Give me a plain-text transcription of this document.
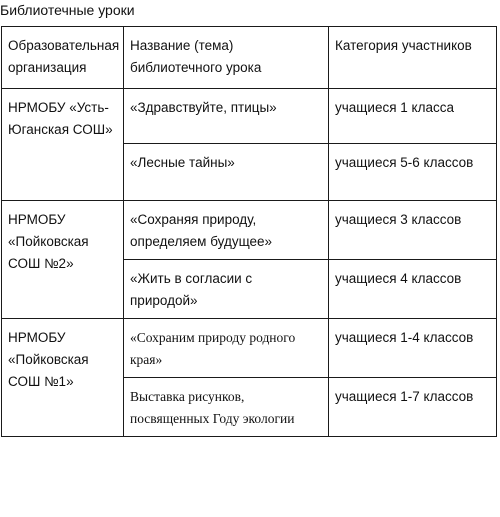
Библиотечные уроки
Образовательная организация	Название (тема) библиотечного урока	Категория участников
НРМОБУ «Усть-Юганская СОШ»	«Здравствуйте, птицы»	учащиеся 1 класса
	«Лесные тайны»	учащиеся 5-6 классов
НРМОБУ «Пойковская СОШ №2»	«Сохраняя природу, определяем будущее»	учащиеся 3 классов
	«Жить в согласии с природой»	учащиеся 4 классов
НРМОБУ «Пойковская СОШ №1»	«Сохраним природу родного края»	учащиеся 1-4 классов
	Выставка рисунков, посвященных Году экологии	учащиеся 1-7 классов
